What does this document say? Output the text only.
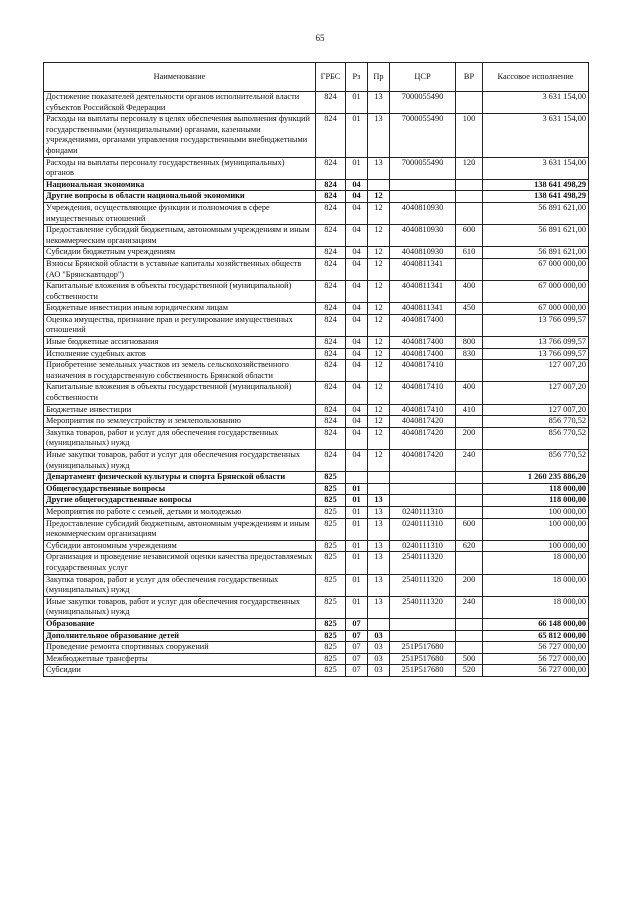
65
Наименование	ГРБС	Рз	Пр	ЦСР	ВР	Кассовое исполнение
Достижение показателей деятельности органов исполнительной власти субъектов Российской Федерации	824	01	13	7000055490		3 631 154,00
Расходы на выплаты персоналу в целях обеспечения выполнения функций государственными (муниципальными) органами, казенными учреждениями, органами управления государственными внебюджетными фондами	824	01	13	7000055490	100	3 631 154,00
Расходы на выплаты персоналу государственных (муниципальных) органов	824	01	13	7000055490	120	3 631 154,00
Национальная экономика	824	04				138 641 498,29
Другие вопросы в области национальной экономики	824	04	12			138 641 498,29
Учреждения, осуществляющие функции и полномочия в сфере имущественных отношений	824	04	12	4040810930		56 891 621,00
Предоставление субсидий бюджетным, автономным учреждениям и иным некоммерческим организациям	824	04	12	4040810930	600	56 891 621,00
Субсидии бюджетным учреждениям	824	04	12	4040810930	610	56 891 621,00
Взносы Брянской области в уставные капиталы хозяйственных обществ (АО "Брянскавтодор")	824	04	12	4040811341		67 000 000,00
Капитальные вложения в объекты государственной (муниципальной) собственности	824	04	12	4040811341	400	67 000 000,00
Бюджетные инвестиции иным юридическим лицам	824	04	12	4040811341	450	67 000 000,00
Оценка имущества, признание прав и регулирование имущественных отношений	824	04	12	4040817400		13 766 099,57
Иные бюджетные ассигнования	824	04	12	4040817400	800	13 766 099,57
Исполнение судебных актов	824	04	12	4040817400	830	13 766 099,57
Приобретение земельных участков из земель сельскохозяйственного назначения в государственную собственность Брянской области	824	04	12	4040817410		127 007,20
Капитальные вложения в объекты государственной (муниципальной) собственности	824	04	12	4040817410	400	127 007,20
Бюджетные инвестиции	824	04	12	4040817410	410	127 007,20
Мероприятия по землеустройству и землепользованию	824	04	12	4040817420		856 770,52
Закупка товаров, работ и услуг для обеспечения государственных (муниципальных) нужд	824	04	12	4040817420	200	856 770,52
Иные закупки товаров, работ и услуг для обеспечения государственных (муниципальных) нужд	824	04	12	4040817420	240	856 770,52
Департамент физической культуры и спорта Брянской области	825					1 260 235 886,20
Общегосударственные вопросы	825	01				118 000,00
Другие общегосударственные вопросы	825	01	13			118 000,00
Мероприятия по работе с семьей, детьми и молодежью	825	01	13	0240111310		100 000,00
Предоставление субсидий бюджетным, автономным учреждениям и иным некоммерческим организациям	825	01	13	0240111310	600	100 000,00
Субсидии автономным учреждениям	825	01	13	0240111310	620	100 000,00
Организация и проведение независимой оценки качества предоставляемых государственных услуг	825	01	13	2540111320		18 000,00
Закупка товаров, работ и услуг для обеспечения государственных (муниципальных) нужд	825	01	13	2540111320	200	18 000,00
Иные закупки товаров, работ и услуг для обеспечения государственных (муниципальных) нужд	825	01	13	2540111320	240	18 000,00
Образование	825	07				66 148 000,00
Дополнительное образование детей	825	07	03			65 812 000,00
Проведение ремонта спортивных сооружений	825	07	03	251P517680		56 727 000,00
Межбюджетные трансферты	825	07	03	251P517680	500	56 727 000,00
Субсидии	825	07	03	251P517680	520	56 727 000,00
